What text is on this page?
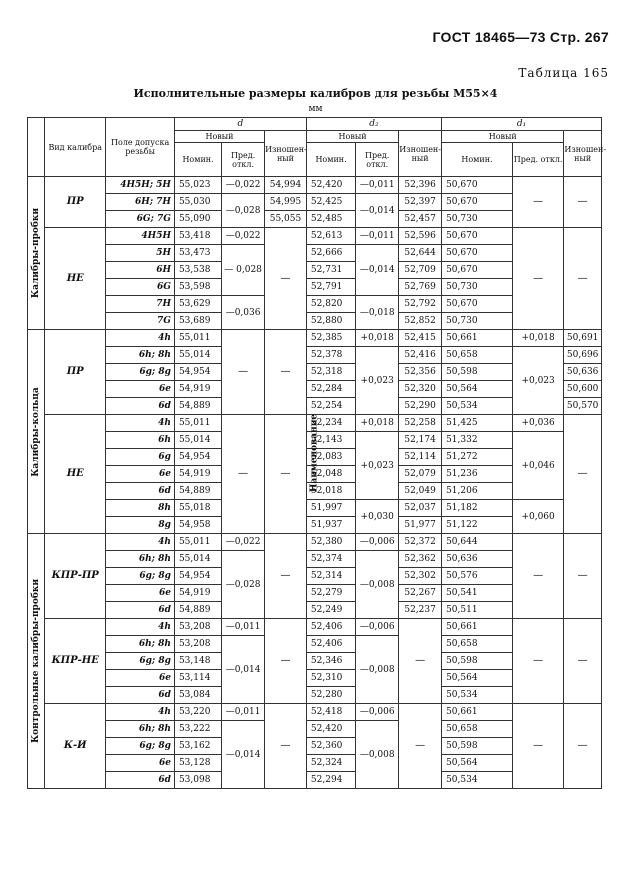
ГОСТ 18465—73 Стр. 267
Таблица 165
Исполнительные размеры калибров для резьбы М55×4
мм
Наименование	Вид калибра	Поле допуска резьбы	d			d₂			d₁		
			Новый		Изношен-ный	Новый		Изношен-ный	Новый		Изношен-ный
			Номин.	Пред. откл.		Номин.	Пред. откл.		Номин.	Пред. откл.	

Калибры-пробки	ПР	4H5H; 5H	55,023	—0,022	54,994	52,420	—0,011	52,396	50,670	—	—
		6H; 7H	55,030	—0,028	54,995	52,425	—0,014	52,397	50,670		
		6G; 7G	55,090		55,055	52,485		52,457	50,730		
	НЕ	4H5H	53,418	—0,022	—	52,613	—0,011	52,596	50,670	—	—
		5H	53,473	— 0,028		52,666	—0,014	52,644	50,670		
		6H	53,538			52,731		52,709	50,670		
		6G	53,598			52,791		52,769	50,730		
		7H	53,629	—0,036		52,820	—0,018	52,792	50,670		
		7G	53,689			52,880		52,852	50,730		

Калибры-кольца	ПР	4h	55,011	—	—	52,385	+0,018	52,415	50,661	+0,018	50,691
		6h; 8h	55,014			52,378	+0,023	52,416	50,658	+0,023	50,696
		6g; 8g	54,954			52,318		52,356	50,598		50,636
		6e	54,919			52,284		52,320	50,564		50,600
		6d	54,889			52,254		52,290	50,534		50,570
	НЕ	4h	55,011	—	—	52,234	+0,018	52,258	51,425	+0,036	—
		6h	55,014			52,143	+0,023	52,174	51,332	+0,046	
		6g	54,954			52,083		52,114	51,272		
		6e	54,919			52,048		52,079	51,236		
		6d	54,889			52,018		52,049	51,206		
		8h	55,018			51,997	+0,030	52,037	51,182	+0,060	
		8g	54,958			51,937		51,977	51,122		

Контрольные калибры-пробки	КПР-ПР	4h	55,011	—0,022	—	52,380	—0,006	52,372	50,644	—	—
		6h; 8h	55,014	—0,028		52,374	—0,008	52,362	50,636		
		6g; 8g	54,954			52,314		52,302	50,576		
		6e	54,919			52,279		52,267	50,541		
		6d	54,889			52,249		52,237	50,511		
	КПР-НЕ	4h	53,208	—0,011	—	52,406	—0,006	—	50,661	—	—
		6h; 8h	53,208	—0,014		52,406	—0,008		50,658		
		6g; 8g	53,148			52,346			50,598		
		6e	53,114			52,310			50,564		
		6d	53,084			52,280			50,534		
	К-И	4h	53,220	—0,011	—	52,418	—0,006	—	50,661	—	—
		6h; 8h	53,222	—0,014		52,420	—0,008		50,658		
		6g; 8g	53,162			52,360			50,598		
		6e	53,128			52,324			50,564		
		6d	53,098			52,294			50,534		
